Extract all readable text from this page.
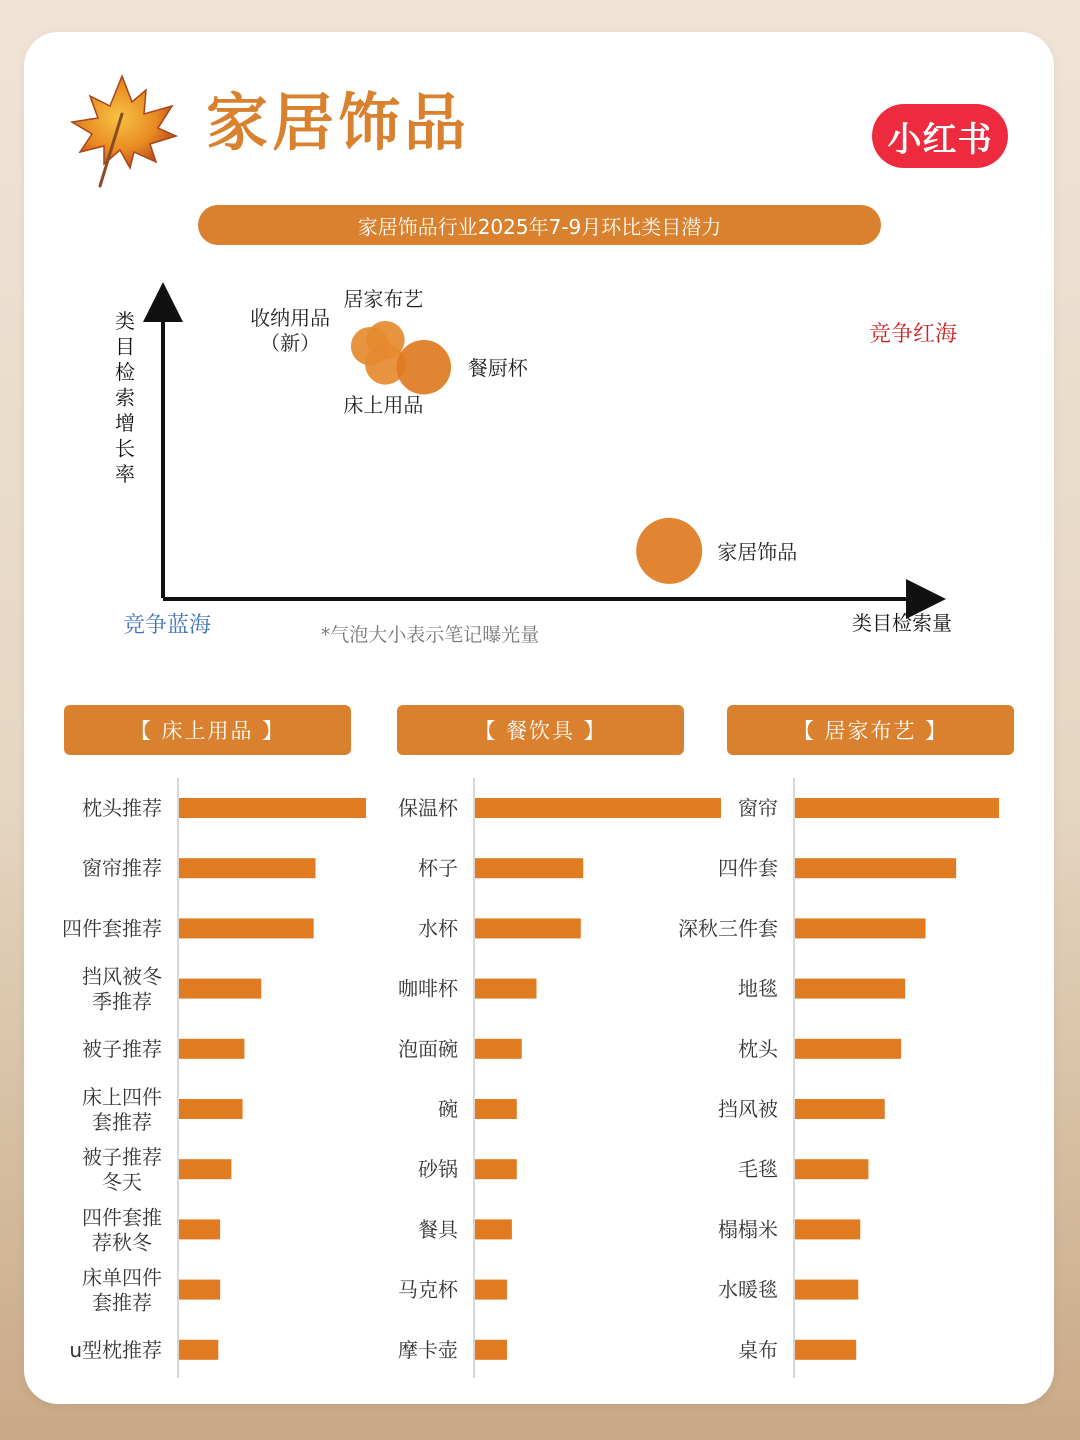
家居饰品	小红书
家居饰品行业2025年7-9月环比类目潜力
类
目
检
索
增
长
率
类目检索量
竞争红海
竞争蓝海	*气泡大小表示笔记曝光量
居家布艺
收纳用品
（新）
床上用品
餐厨杯
家居饰品
【 床上用品 】	【 餐饮具 】	【 居家布艺 】
枕头推荐
窗帘推荐
四件套推荐
挡风被冬
季推荐
被子推荐
床上四件
套推荐
被子推荐
冬天
四件套推
荐秋冬
床单四件
套推荐
u型枕推荐
保温杯
杯子
水杯
咖啡杯
泡面碗
碗
砂锅
餐具
马克杯
摩卡壶
窗帘
四件套
深秋三件套
地毯
枕头
挡风被
毛毯
榻榻米
水暖毯
桌布
